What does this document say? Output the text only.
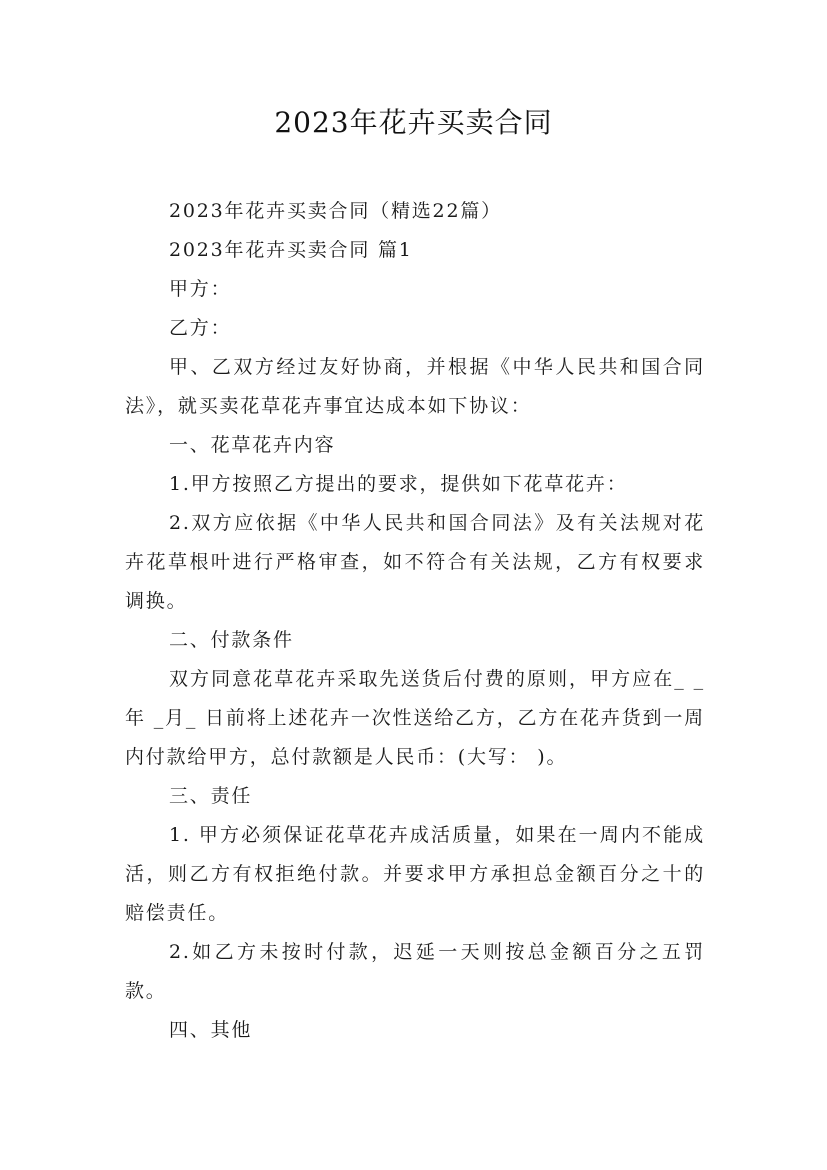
2023年花卉买卖合同

2023年花卉买卖合同（精选22篇）

2023年花卉买卖合同 篇1

甲方：

乙方：

甲、乙双方经过友好协商，并根据《中华人民共和国合同法》，就买卖花草花卉事宜达成本如下协议：

一、花草花卉内容

1.甲方按照乙方提出的要求，提供如下花草花卉：

2.双方应依据《中华人民共和国合同法》及有关法规对花卉花草根叶进行严格审查，如不符合有关法规，乙方有权要求调换。

二、付款条件

双方同意花草花卉采取先送货后付费的原则，甲方应在_ _年 _月_ 日前将上述花卉一次性送给乙方，乙方在花卉货到一周内付款给甲方，总付款额是人民币：(大写： )。

三、责任

1. 甲方必须保证花草花卉成活质量，如果在一周内不能成活，则乙方有权拒绝付款。并要求甲方承担总金额百分之十的赔偿责任。

2.如乙方未按时付款，迟延一天则按总金额百分之五罚款。

四、其他
